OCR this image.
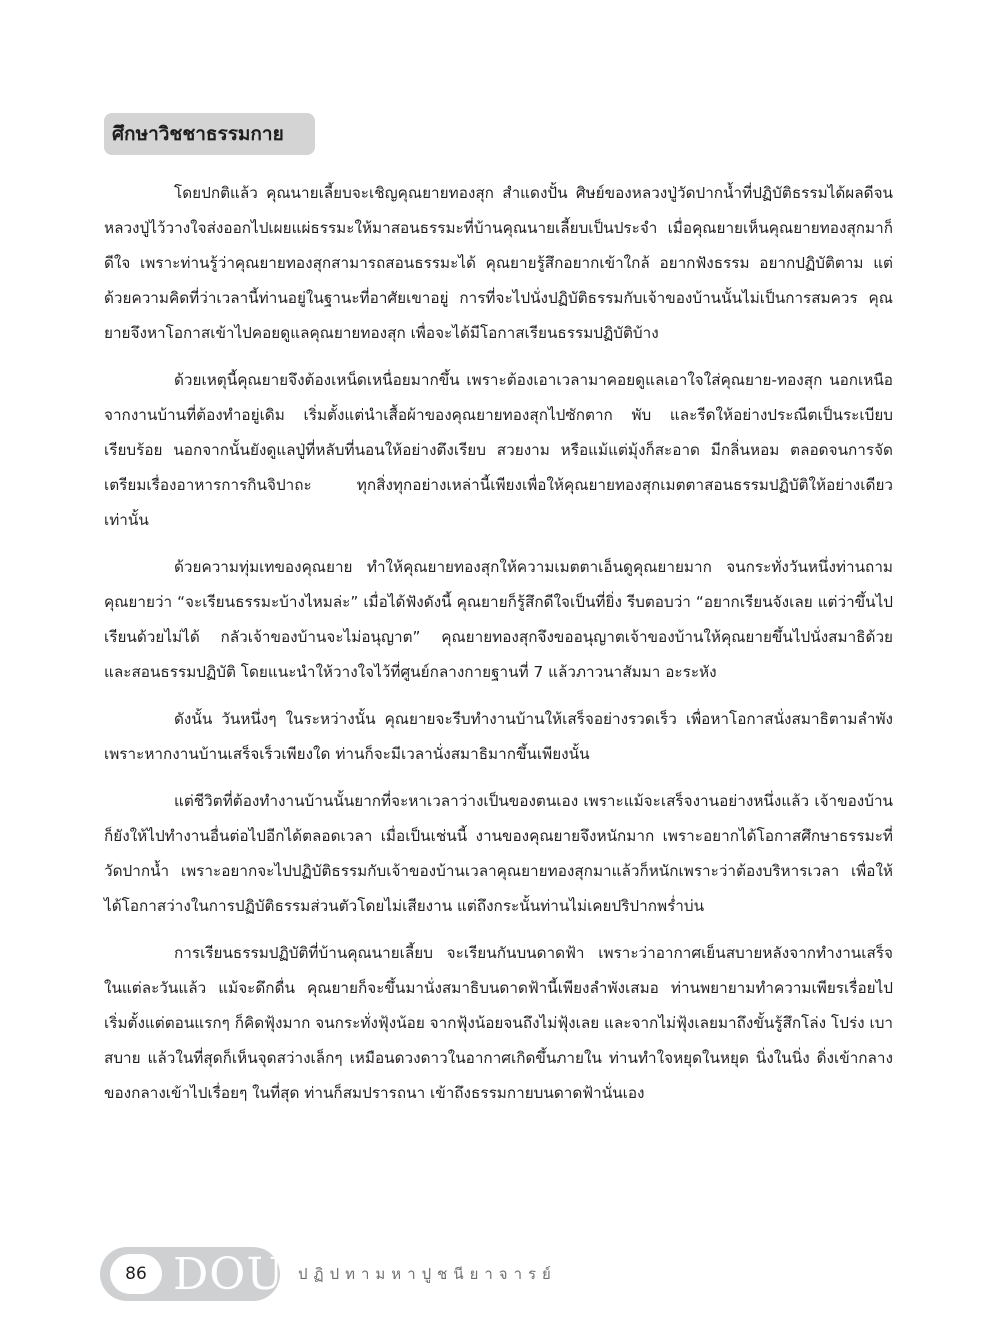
ศึกษาวิชชาธรรมกาย

โดยปกติแล้ว คุณนายเลี้ยบจะเชิญคุณยายทองสุก สำแดงปั้น ศิษย์ของหลวงปู่วัดปากน้ำที่ปฏิบัติธรรมได้ผลดีจนหลวงปู่ไว้วางใจส่งออกไปเผยแผ่ธรรมะให้มาสอนธรรมะที่บ้านคุณนายเลี้ยบเป็นประจำ เมื่อคุณยายเห็นคุณยายทองสุกมาก็ดีใจ เพราะท่านรู้ว่าคุณยายทองสุกสามารถสอนธรรมะได้ คุณยายรู้สึกอยากเข้าใกล้ อยากฟังธรรม อยากปฏิบัติตาม แต่ด้วยความคิดที่ว่าเวลานี้ท่านอยู่ในฐานะที่อาศัยเขาอยู่ การที่จะไปนั่งปฏิบัติธรรมกับเจ้าของบ้านนั้นไม่เป็นการสมควร คุณยายจึงหาโอกาสเข้าไปคอยดูแลคุณยายทองสุก เพื่อจะได้มีโอกาสเรียนธรรมปฏิบัติบ้าง

ด้วยเหตุนี้คุณยายจึงต้องเหน็ดเหนื่อยมากขึ้น เพราะต้องเอาเวลามาคอยดูแลเอาใจใส่คุณยาย-ทองสุก นอกเหนือจากงานบ้านที่ต้องทำอยู่เดิม เริ่มตั้งแต่นำเสื้อผ้าของคุณยายทองสุกไปซักตาก พับ และรีดให้อย่างประณีตเป็นระเบียบเรียบร้อย นอกจากนั้นยังดูแลปู่ที่หลับที่นอนให้อย่างตึงเรียบ สวยงาม หรือแม้แต่มุ้งก็สะอาด มีกลิ่นหอม ตลอดจนการจัดเตรียมเรื่องอาหารการกินจิปาถะ ทุกสิ่งทุกอย่างเหล่านี้เพียงเพื่อให้คุณยายทองสุกเมตตาสอนธรรมปฏิบัติให้อย่างเดียวเท่านั้น

ด้วยความทุ่มเทของคุณยาย ทำให้คุณยายทองสุกให้ความเมตตาเอ็นดูคุณยายมาก จนกระทั่งวันหนึ่งท่านถามคุณยายว่า “จะเรียนธรรมะบ้างไหมล่ะ” เมื่อได้ฟังดังนี้ คุณยายก็รู้สึกดีใจเป็นที่ยิ่ง รีบตอบว่า “อยากเรียนจังเลย แต่ว่าขึ้นไปเรียนด้วยไม่ได้ กลัวเจ้าของบ้านจะไม่อนุญาต” คุณยายทองสุกจึงขออนุญาตเจ้าของบ้านให้คุณยายขึ้นไปนั่งสมาธิด้วย และสอนธรรมปฏิบัติ โดยแนะนำให้วางใจไว้ที่ศูนย์กลางกายฐานที่ 7 แล้วภาวนาสัมมา อะระหัง

ดังนั้น วันหนึ่งๆ ในระหว่างนั้น คุณยายจะรีบทำงานบ้านให้เสร็จอย่างรวดเร็ว เพื่อหาโอกาสนั่งสมาธิตามลำพัง เพราะหากงานบ้านเสร็จเร็วเพียงใด ท่านก็จะมีเวลานั่งสมาธิมากขึ้นเพียงนั้น

แต่ชีวิตที่ต้องทำงานบ้านนั้นยากที่จะหาเวลาว่างเป็นของตนเอง เพราะแม้จะเสร็จงานอย่างหนึ่งแล้ว เจ้าของบ้านก็ยังให้ไปทำงานอื่นต่อไปอีกได้ตลอดเวลา เมื่อเป็นเช่นนี้ งานของคุณยายจึงหนักมาก เพราะอยากได้โอกาสศึกษาธรรมะที่วัดปากน้ำ เพราะอยากจะไปปฏิบัติธรรมกับเจ้าของบ้านเวลาคุณยายทองสุกมาแล้วก็หนักเพราะว่าต้องบริหารเวลา เพื่อให้ได้โอกาสว่างในการปฏิบัติธรรมส่วนตัวโดยไม่เสียงาน แต่ถึงกระนั้นท่านไม่เคยปริปากพร่ำบ่น

การเรียนธรรมปฏิบัติที่บ้านคุณนายเลี้ยบ จะเรียนกันบนดาดฟ้า เพราะว่าอากาศเย็นสบายหลังจากทำงานเสร็จในแต่ละวันแล้ว แม้จะดึกดื่น คุณยายก็จะขึ้นมานั่งสมาธิบนดาดฟ้านี้เพียงลำพังเสมอ ท่านพยายามทำความเพียรเรื่อยไป เริ่มตั้งแต่ตอนแรกๆ ก็คิดฟุ้งมาก จนกระทั่งฟุ้งน้อย จากฟุ้งน้อยจนถึงไม่ฟุ้งเลย และจากไม่ฟุ้งเลยมาถึงขั้นรู้สึกโล่ง โปร่ง เบา สบาย แล้วในที่สุดก็เห็นจุดสว่างเล็กๆ เหมือนดวงดาวในอากาศเกิดขึ้นภายใน ท่านทำใจหยุดในหยุด นิ่งในนิ่ง ดิ่งเข้ากลางของกลางเข้าไปเรื่อยๆ ในที่สุด ท่านก็สมปรารถนา เข้าถึงธรรมกายบนดาดฟ้านั่นเอง

86 DOU ปฏิปทามหาปูชนียาจารย์
